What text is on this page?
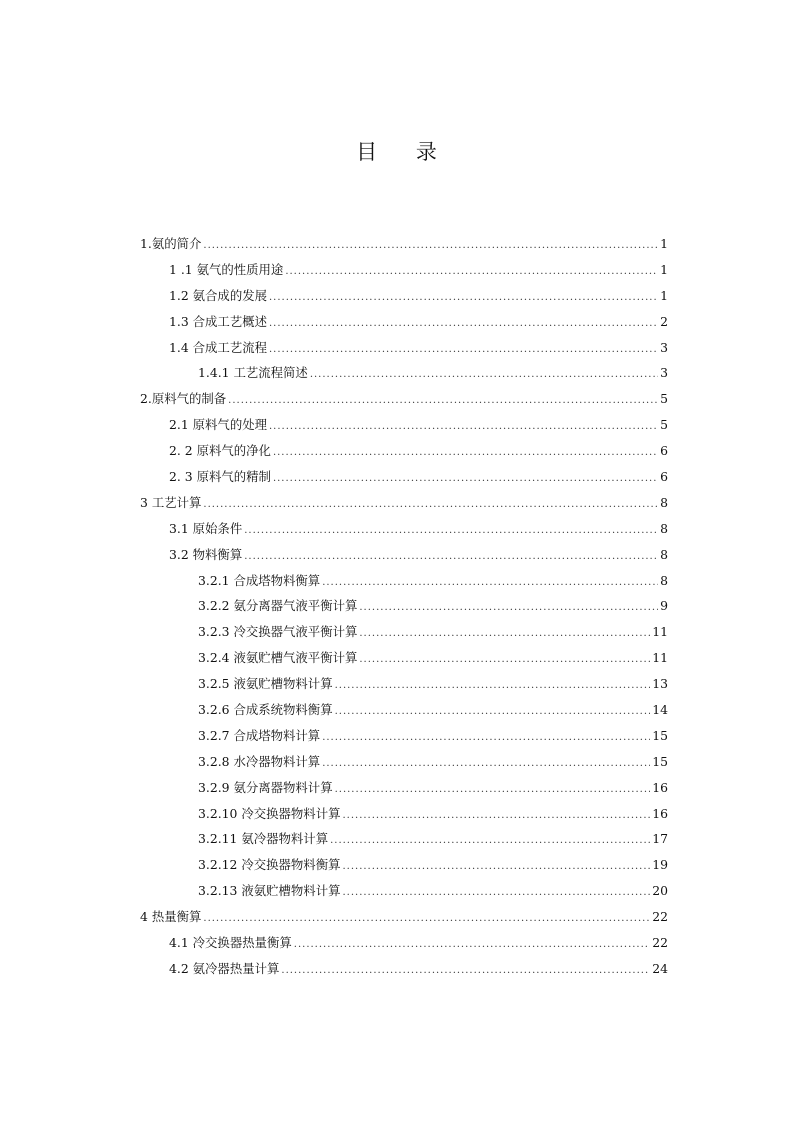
目 录
1.氨的简介 .....	1
1 .1 氨气的性质用途 .....	1
1.2 氨合成的发展 .....	1
1.3 合成工艺概述 .....	2
1.4 合成工艺流程 .....	3
1.4.1 工艺流程简述 .....	3
2.原料气的制备 .....	5
2.1 原料气的处理 .....	5
2. 2 原料气的净化 .....	6
2. 3 原料气的精制 .....	6
3 工艺计算 .....	8
3.1 原始条件 .....	8
3.2 物料衡算 .....	8
3.2.1 合成塔物料衡算 .....	8
3.2.2 氨分离器气液平衡计算 .....	9
3.2.3 冷交换器气液平衡计算 .....	11
3.2.4 液氨贮槽气液平衡计算 .....	11
3.2.5 液氨贮槽物料计算 .....	13
3.2.6 合成系统物料衡算 .....	14
3.2.7 合成塔物料计算 .....	15
3.2.8 水冷器物料计算 .....	15
3.2.9 氨分离器物料计算 .....	16
3.2.10 冷交换器物料计算 .....	16
3.2.11 氨冷器物料计算 .....	17
3.2.12 冷交换器物料衡算 .....	19
3.2.13 液氨贮槽物料计算 .....	20
4 热量衡算 .....	22
4.1 冷交换器热量衡算 .....	22
4.2 氨冷器热量计算 .....	24
